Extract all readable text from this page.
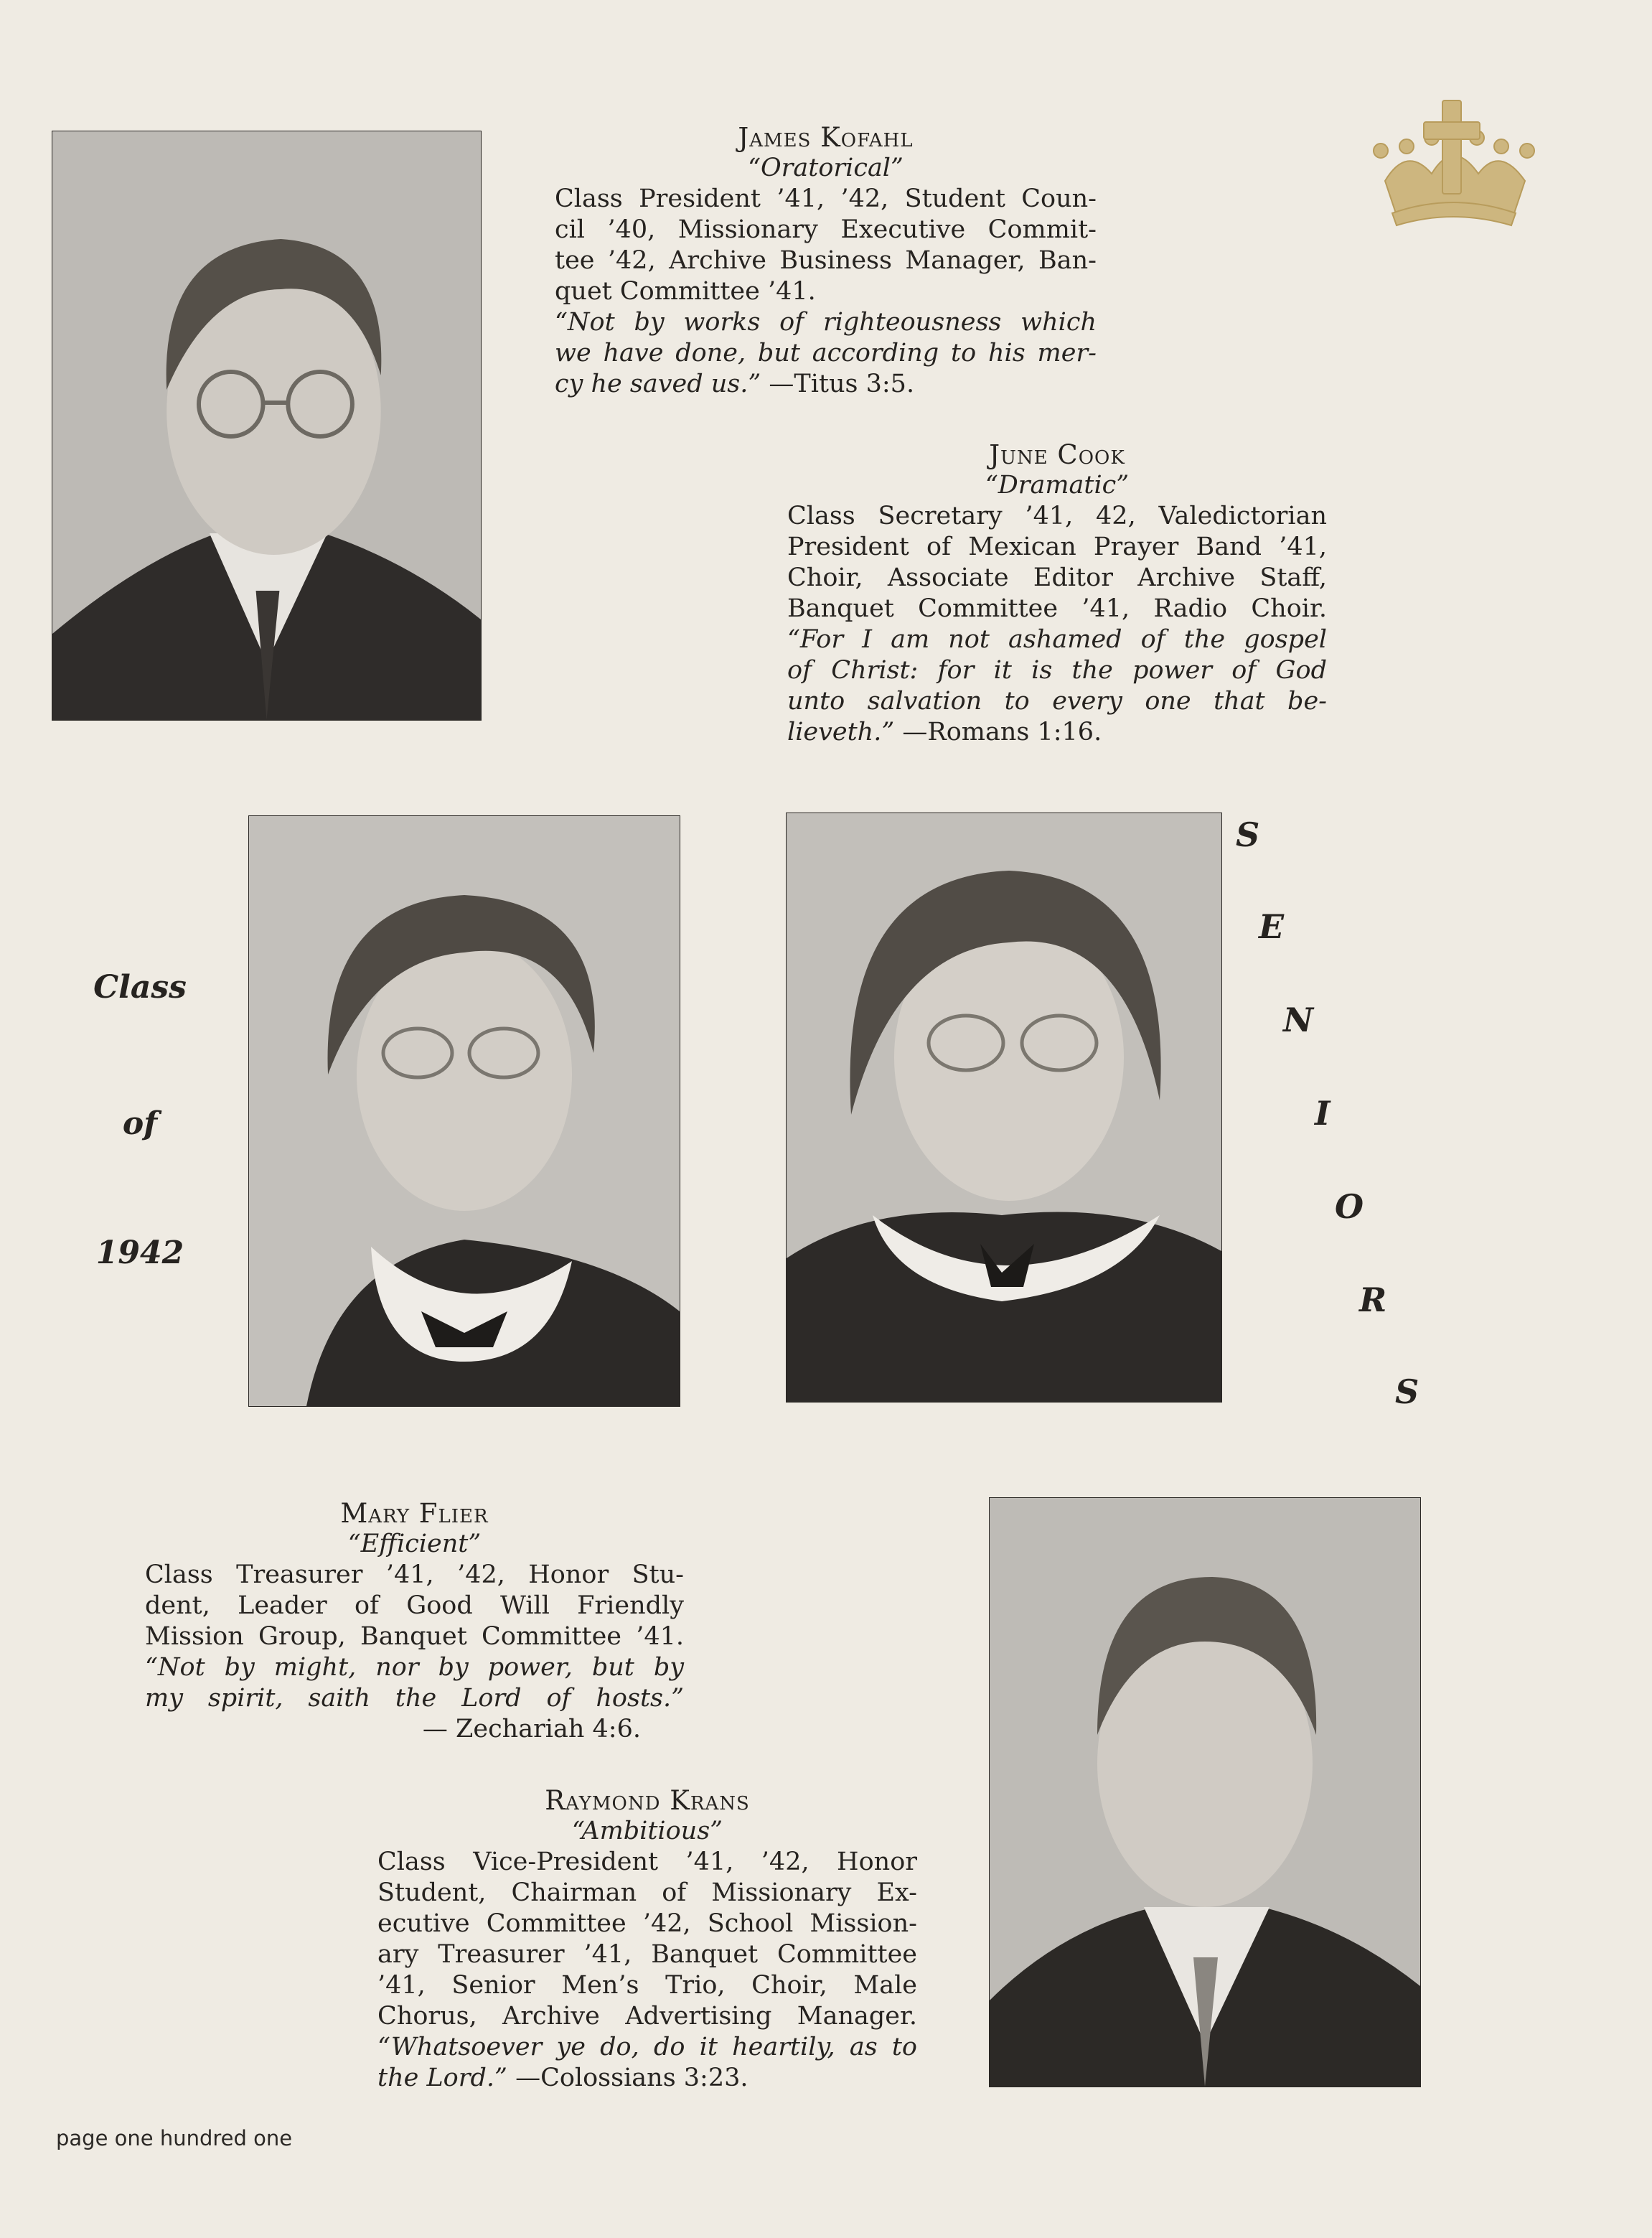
James Kofahl
“Oratorical”
Class President ’41, ’42, Student Coun-
cil ’40, Missionary Executive Commit-
tee ’42, Archive Business Manager, Ban-
quet Committee ’41.
“Not by works of righteousness which
we have done, but according to his mer-
cy he saved us.” —Titus 3:5.
June Cook
“Dramatic”
Class Secretary ’41, 42, Valedictorian
President of Mexican Prayer Band ’41,
Choir, Associate Editor Archive Staff,
Banquet Committee ’41, Radio Choir.
“For I am not ashamed of the gospel
of Christ: for it is the power of God
unto salvation to every one that be-
lieveth.” —Romans 1:16.
Mary Flier
“Efficient”
Class Treasurer ’41, ’42, Honor Stu-
dent, Leader of Good Will Friendly
Mission Group, Banquet Committee ’41.
“Not by might, nor by power, but by
my spirit, saith the Lord of hosts.”
— Zechariah 4:6.
Raymond Krans
“Ambitious”
Class Vice-President ’41, ’42, Honor
Student, Chairman of Missionary Ex-
ecutive Committee ’42, School Mission-
ary Treasurer ’41, Banquet Committee
’41, Senior Men’s Trio, Choir, Male
Chorus, Archive Advertising Manager.
“Whatsoever ye do, do it heartily, as to
the Lord.” —Colossians 3:23.
Class
of
1942
S
E
N
I
O
R
S
page one hundred one
